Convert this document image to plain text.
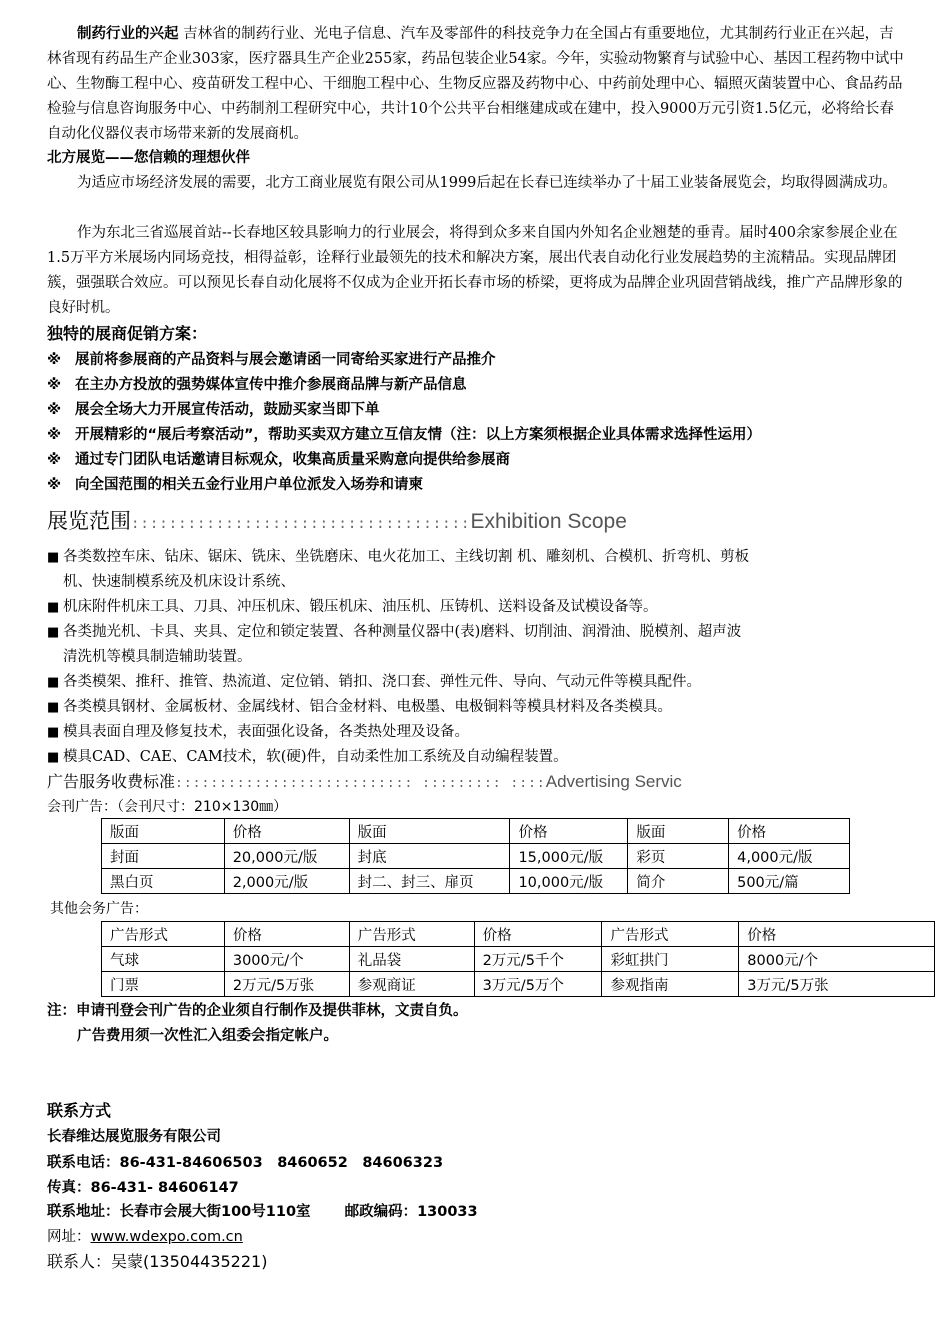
制药行业的兴起 吉林省的制药行业、光电子信息、汽车及零部件的科技竞争力在全国占有重要地位，尤其制药行业正在兴起，吉林省现有药品生产企业303家，医疗器具生产企业255家，药品包装企业54家。今年，实验动物繁育与试验中心、基因工程药物中试中心、生物酶工程中心、疫苗研发工程中心、干细胞工程中心、生物反应器及药物中心、中药前处理中心、辐照灭菌装置中心、食品药品检验与信息咨询服务中心、中药制剂工程研究中心，共计10个公共平台相继建成或在建中，投入9000万元引资1.5亿元，必将给长春自动化仪器仪表市场带来新的发展商机。

北方展览——您信赖的理想伙伴

为适应市场经济发展的需要，北方工商业展览有限公司从1999后起在长春已连续举办了十届工业装备展览会，均取得圆满成功。

作为东北三省巡展首站--长春地区较具影响力的行业展会，将得到众多来自国内外知名企业翘楚的垂青。届时400余家参展企业在1.5万平方米展场内同场竞技，相得益彰，诠释行业最领先的技术和解决方案，展出代表自动化行业发展趋势的主流精品。实现品牌团簇，强强联合效应。可以预见长春自动化展将不仅成为企业开拓长春市场的桥梁，更将成为品牌企业巩固营销战线，推广产品牌形象的良好时机。

独特的展商促销方案：
※ 展前将参展商的产品资料与展会邀请函一同寄给买家进行产品推介
※ 在主办方投放的强势媒体宣传中推介参展商品牌与新产品信息
※ 展会全场大力开展宣传活动，鼓励买家当即下单
※ 开展精彩的“展后考察活动”，帮助买卖双方建立互信友情（注：以上方案须根据企业具体需求选择性运用）
※ 通过专门团队电话邀请目标观众，收集高质量采购意向提供给参展商
※ 向全国范围的相关五金行业用户单位派发入场券和请柬
展览范围::::::::::::::::::::::::::::::::::::Exhibition Scope
■ 各类数控车床、钻床、锯床、铣床、坐铣磨床、电火花加工、主线切割 机、雕刻机、合模机、折弯机、剪板
机、快速制模系统及机床设计系统、
■ 机床附件机床工具、刀具、冲压机床、锻压机床、油压机、压铸机、送料设备及试模设备等。
■ 各类抛光机、卡具、夹具、定位和锁定装置、各种测量仪器中(表)磨料、切削油、润滑油、脱模剂、超声波
清洗机等模具制造辅助装置。
■ 各类模架、推秆、推管、热流道、定位销、销扣、浇口套、弹性元件、导向、气动元件等模具配件。
■ 各类模具钢材、金属板材、金属线材、铝合金材料、电极墨、电极铜料等模具材料及各类模具。
■ 模具表面自理及修复技术，表面强化设备，各类热处理及设备。
■ 模具CAD、CAE、CAM技术，软(硬)件，自动柔性加工系统及自动编程装置。
广告服务收费标准::::::::::::::::::::::::::: ::::::::: ::::Advertising Servic
会刊广告：（会刊尺寸：210×130㎜）
版面	价格	版面	价格	版面	价格
封面	20,000元/版	封底	15,000元/版	彩页	4,000元/版
黑白页	2,000元/版	封二、封三、扉页	10,000元/版	简介	500元/篇
其他会务广告：
广告形式	价格	广告形式	价格	广告形式	价格
气球	3000元/个	礼品袋	2万元/5千个	彩虹拱门	8000元/个
门票	2万元/5万张	参观商证	3万元/5万个	参观指南	3万元/5万张
注：申请刊登会刊广告的企业须自行制作及提供菲林，文责自负。
广告费用须一次性汇入组委会指定帐户。
联系方式
长春维达展览服务有限公司
联系电话：86-431-84606503　8460652　84606323
传真：86-431- 84606147
联系地址：长春市会展大街100号110室　　 邮政编码：130033
网址：www.wdexpo.com.cn
联系人：吴蒙(13504435221)
